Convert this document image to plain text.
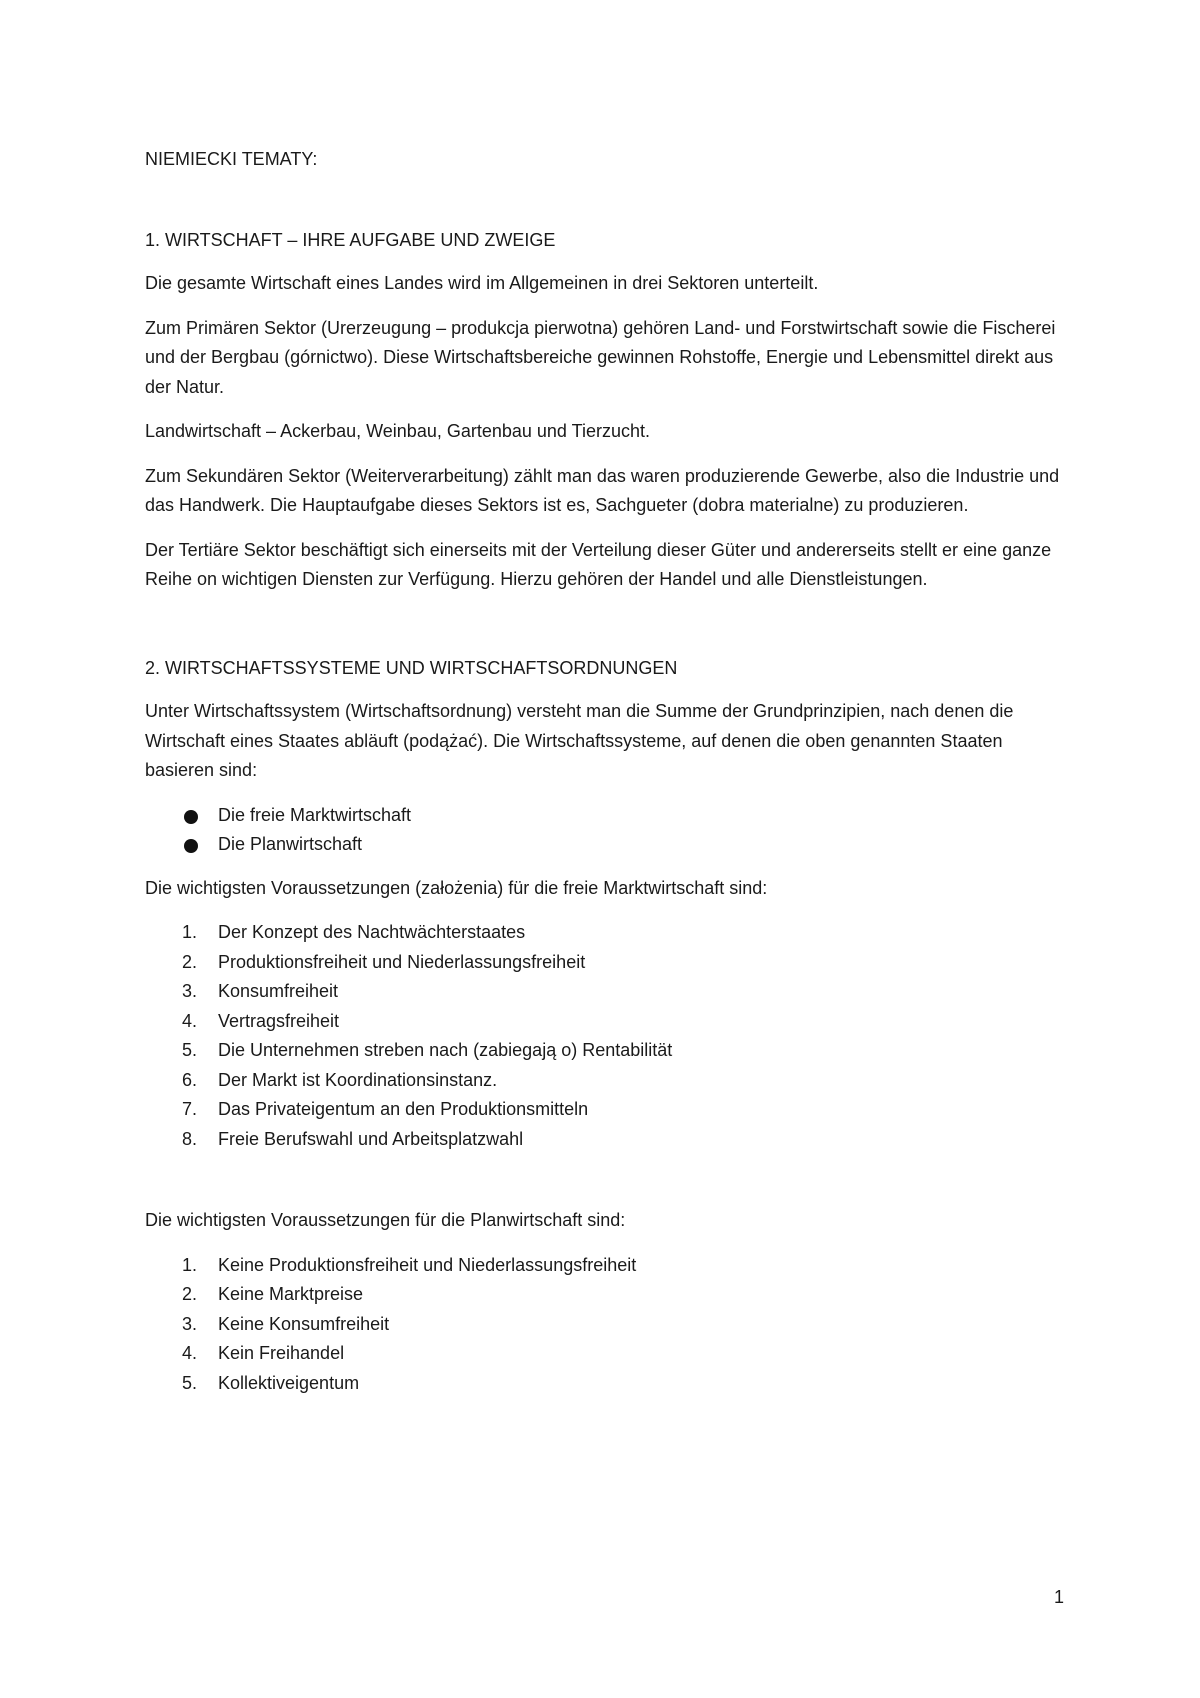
NIEMIECKI TEMATY:
1. WIRTSCHAFT – IHRE AUFGABE UND ZWEIGE

Die gesamte Wirtschaft eines Landes wird im Allgemeinen in drei Sektoren unterteilt.

Zum Primären Sektor (Urerzeugung – produkcja pierwotna) gehören Land- und Forstwirtschaft sowie die Fischerei und der Bergbau (górnictwo). Diese Wirtschaftsbereiche gewinnen Rohstoffe, Energie und Lebensmittel direkt aus der Natur.

Landwirtschaft – Ackerbau, Weinbau, Gartenbau und Tierzucht.

Zum Sekundären Sektor (Weiterverarbeitung) zählt man das waren produzierende Gewerbe, also die Industrie und das Handwerk. Die Hauptaufgabe dieses Sektors ist es, Sachgueter (dobra materialne) zu produzieren.

Der Tertiäre Sektor beschäftigt sich einerseits mit der Verteilung dieser Güter und andererseits stellt er eine ganze Reihe on wichtigen Diensten zur Verfügung. Hierzu gehören der Handel und alle Dienstleistungen.

2. WIRTSCHAFTSSYSTEME UND WIRTSCHAFTSORDNUNGEN

Unter Wirtschaftssystem (Wirtschaftsordnung) versteht man die Summe der Grundprinzipien, nach denen die Wirtschaft eines Staates abläuft (podążać). Die Wirtschaftssysteme, auf denen die oben genannten Staaten basieren sind:

Die freie Marktwirtschaft
Die Planwirtschaft

Die wichtigsten Voraussetzungen (założenia) für die freie Marktwirtschaft sind:

1.	Der Konzept des Nachtwächterstaates
2.	Produktionsfreiheit und Niederlassungsfreiheit
3.	Konsumfreiheit
4.	Vertragsfreiheit
5.	Die Unternehmen streben nach (zabiegają o) Rentabilität
6.	Der Markt ist Koordinationsinstanz.
7.	Das Privateigentum an den Produktionsmitteln
8.	Freie Berufswahl und Arbeitsplatzwahl

Die wichtigsten Voraussetzungen für die Planwirtschaft sind:

1.	Keine Produktionsfreiheit und Niederlassungsfreiheit
2.	Keine Marktpreise
3.	Keine Konsumfreiheit
4.	Kein Freihandel
5.	Kollektiveigentum
1
